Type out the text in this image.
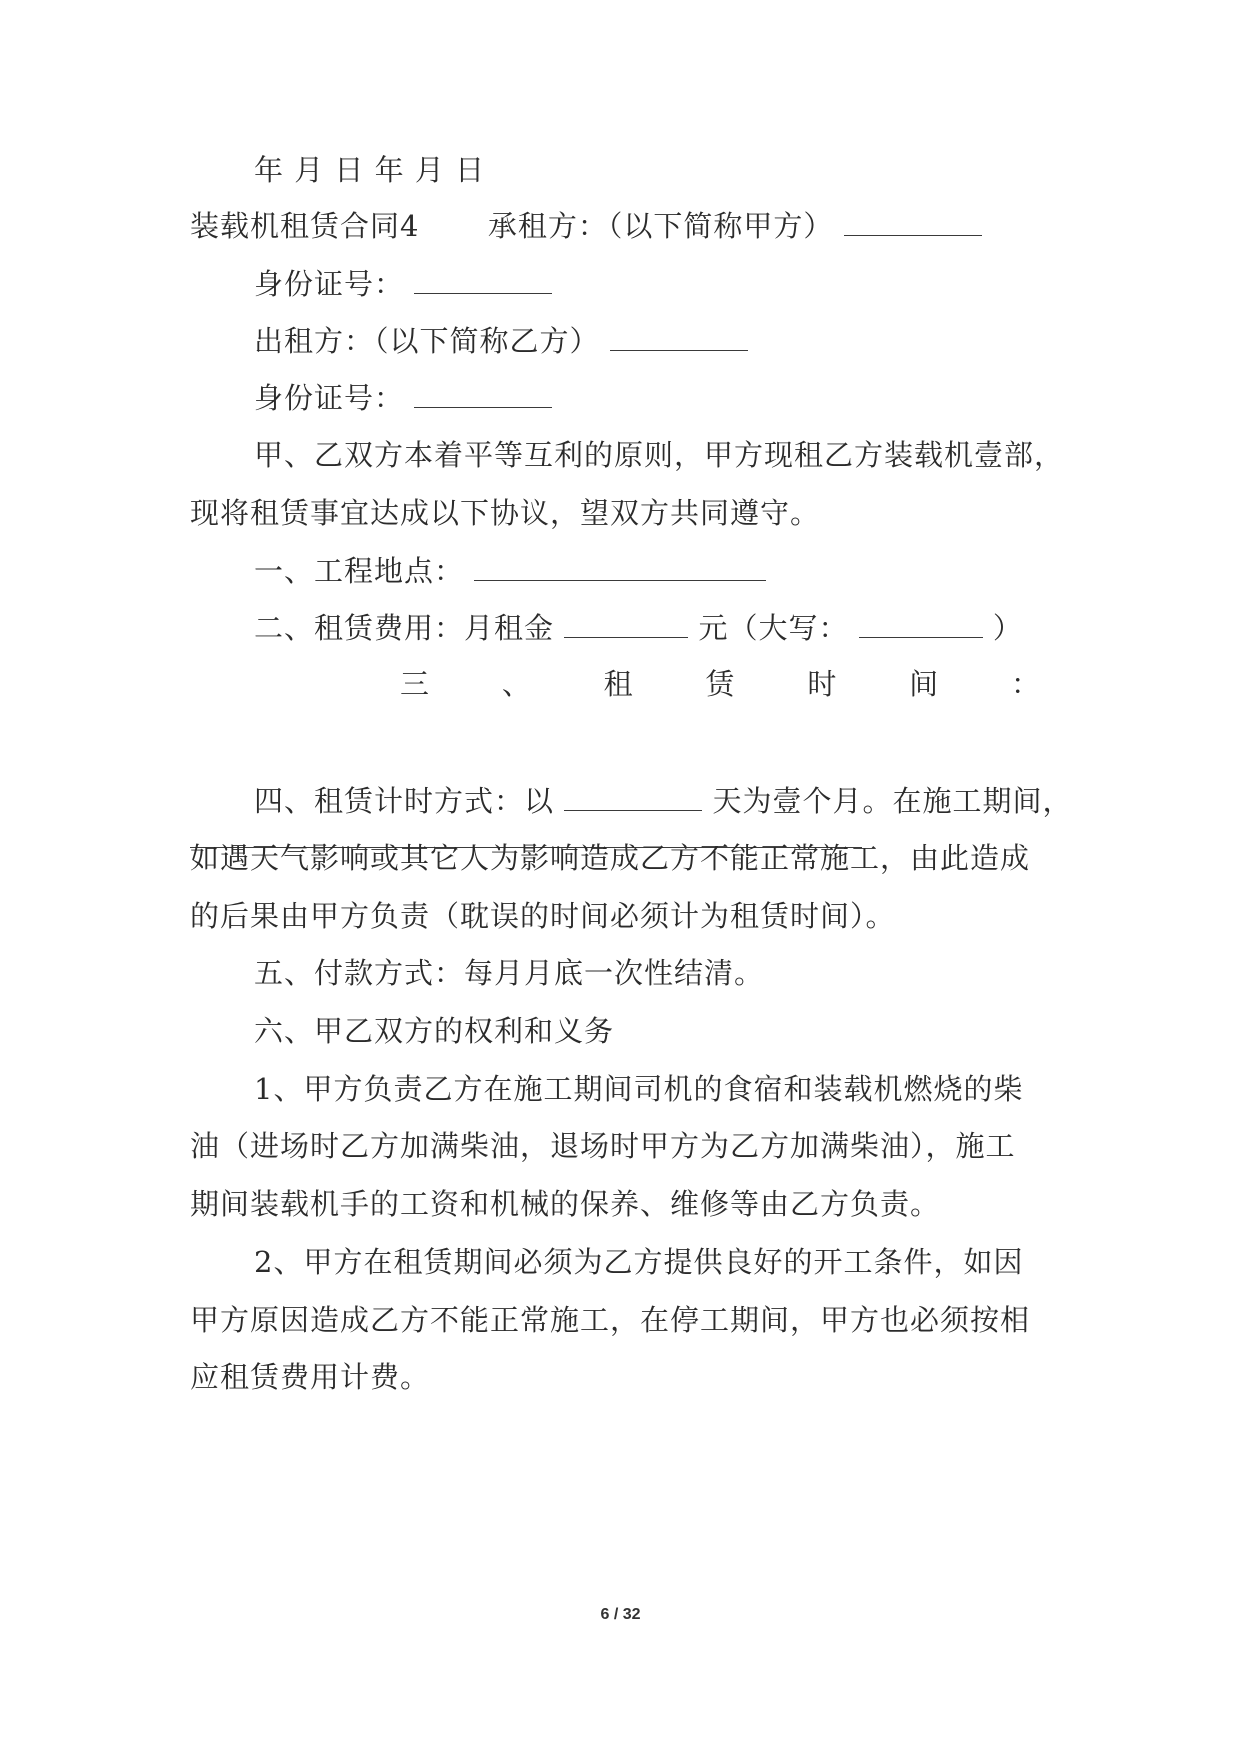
年 月 日 年 月 日
装载机租赁合同4 承租方：（以下简称甲方）
身份证号：
出租方：（以下简称乙方）
身份证号：
甲、乙双方本着平等互利的原则，甲方现租乙方装载机壹部，
现将租赁事宜达成以下协议，望双方共同遵守。
一、工程地点：
二、租赁费用：月租金	元（大写：	）
三	、	租	赁	时	间	：
四、租赁计时方式：以	天为壹个月。在施工期间，
如遇天气影响或其它人为影响造成乙方不能正常施工，由此造成
的后果由甲方负责（耽误的时间必须计为租赁时间）。
五、付款方式：每月月底一次性结清。
六、甲乙双方的权利和义务
1、甲方负责乙方在施工期间司机的食宿和装载机燃烧的柴
油（进场时乙方加满柴油，退场时甲方为乙方加满柴油），施工
期间装载机手的工资和机械的保养、维修等由乙方负责。
2、甲方在租赁期间必须为乙方提供良好的开工条件，如因
甲方原因造成乙方不能正常施工，在停工期间，甲方也必须按相
应租赁费用计费。
6 / 32
